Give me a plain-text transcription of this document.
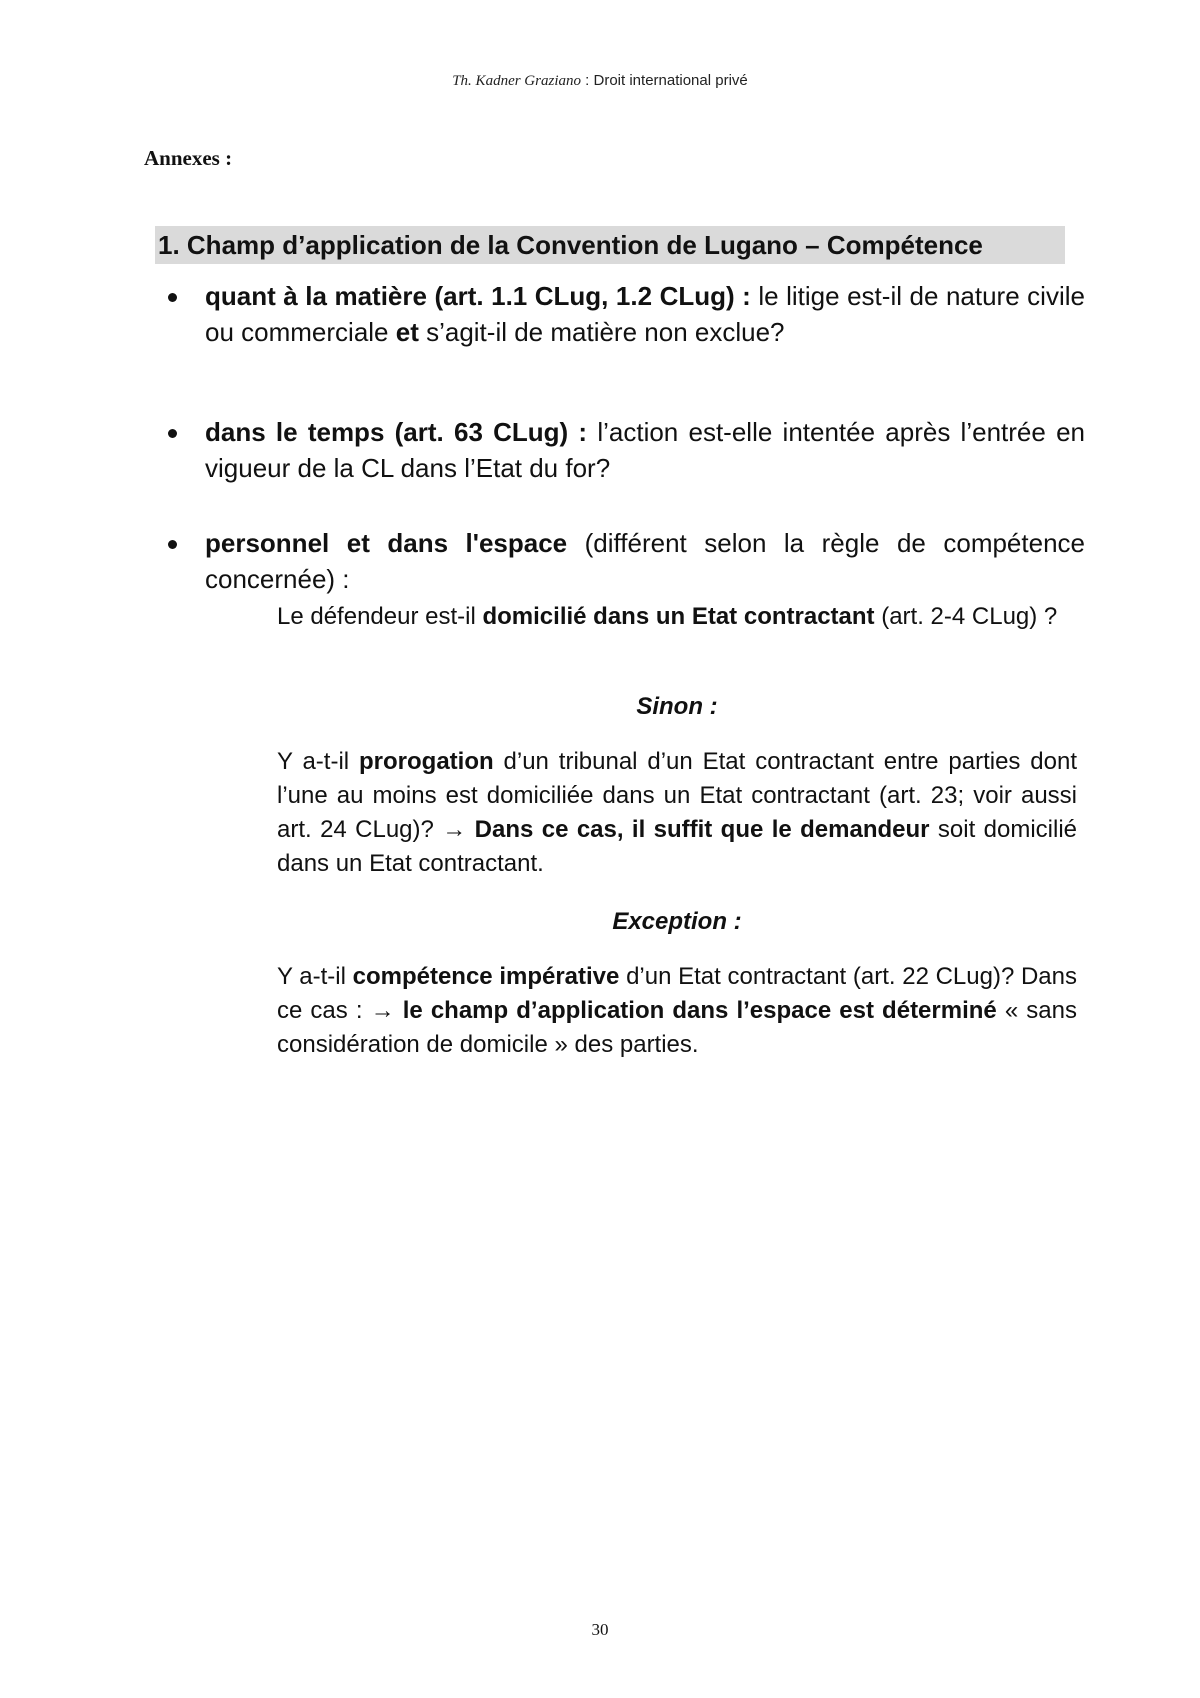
Th. Kadner Graziano : Droit international privé
Annexes :
1. Champ d’application de la Convention de Lugano – Compétence
quant à la matière (art. 1.1 CLug, 1.2 CLug) : le litige est-il de nature civile ou commerciale et s’agit-il de matière non exclue?
dans le temps (art. 63 CLug) : l’action est-elle intentée après l’entrée en vigueur de la CL dans l’Etat du for?
personnel et dans l'espace (différent selon la règle de compétence concernée) :
Le défendeur est-il domicilié dans un Etat contractant (art. 2-4 CLug) ?
Sinon :
Y a-t-il prorogation d’un tribunal d’un Etat contractant entre parties dont l’une au moins est domiciliée dans un Etat contractant (art. 23; voir aussi art. 24 CLug)? → Dans ce cas, il suffit que le demandeur soit domicilié dans un Etat contractant.
Exception :
Y a-t-il compétence impérative d’un Etat contractant (art. 22 CLug)? Dans ce cas : → le champ d’application dans l’espace est déterminé « sans considération de domicile » des parties.
30
